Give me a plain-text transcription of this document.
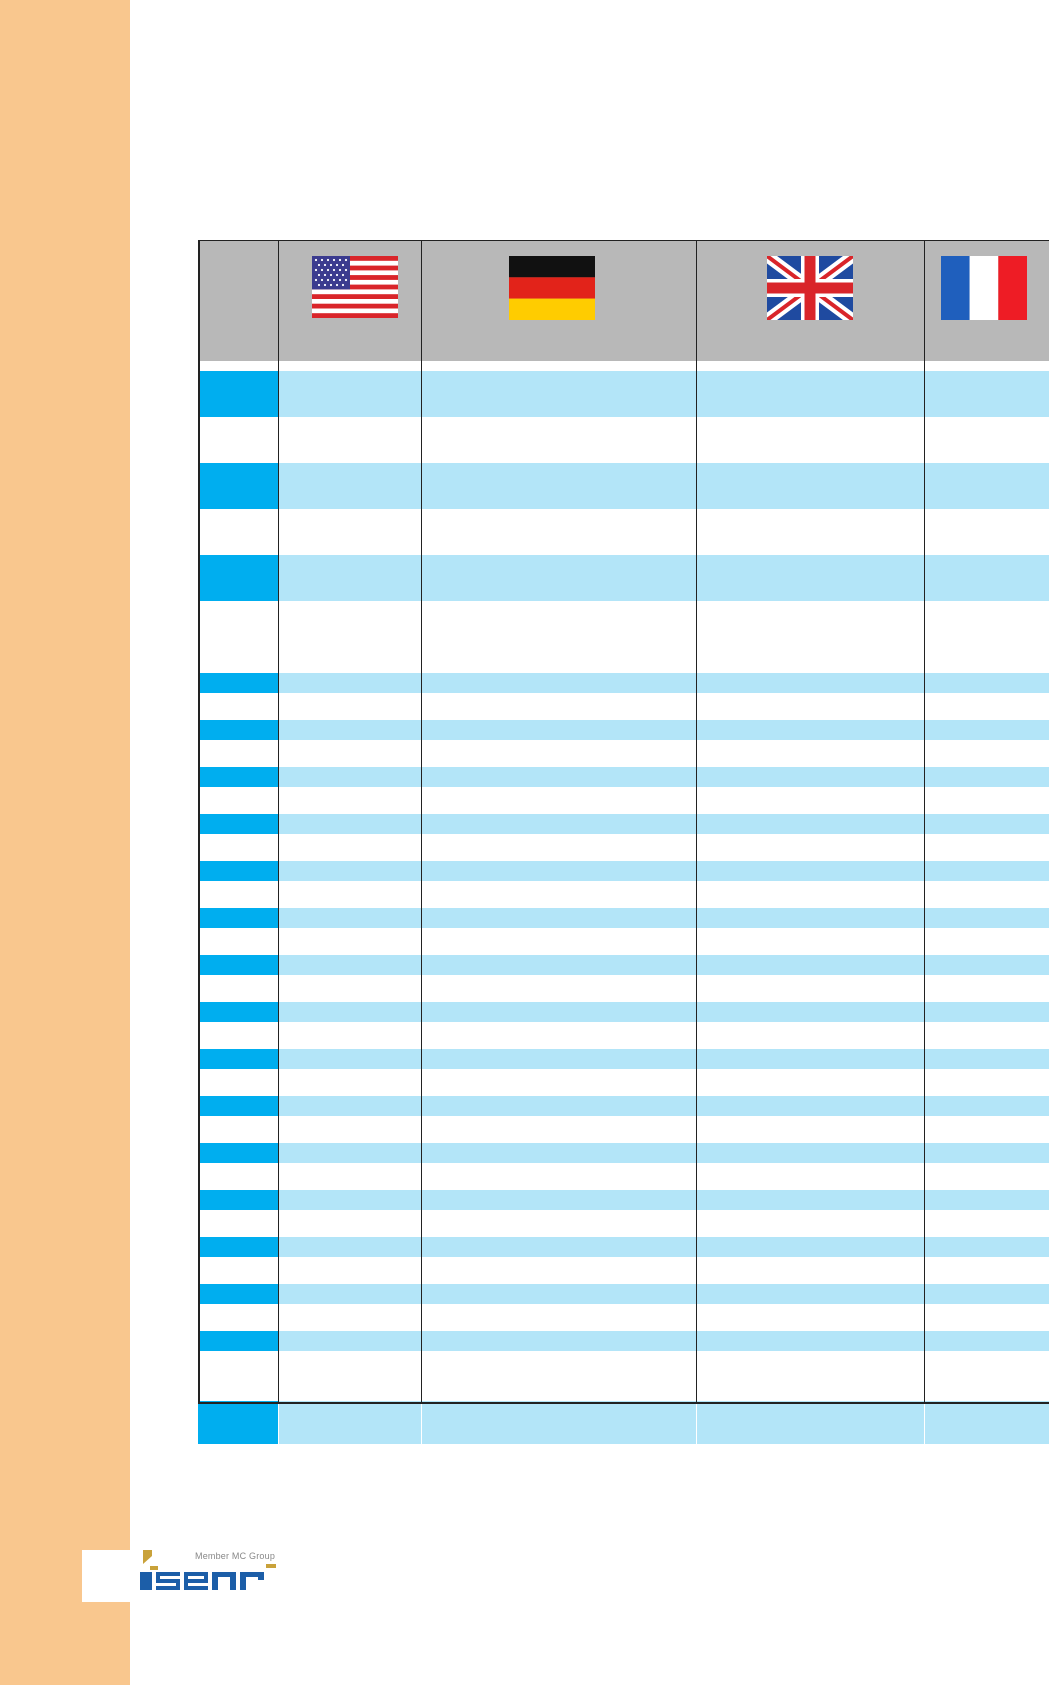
Member MC Group
